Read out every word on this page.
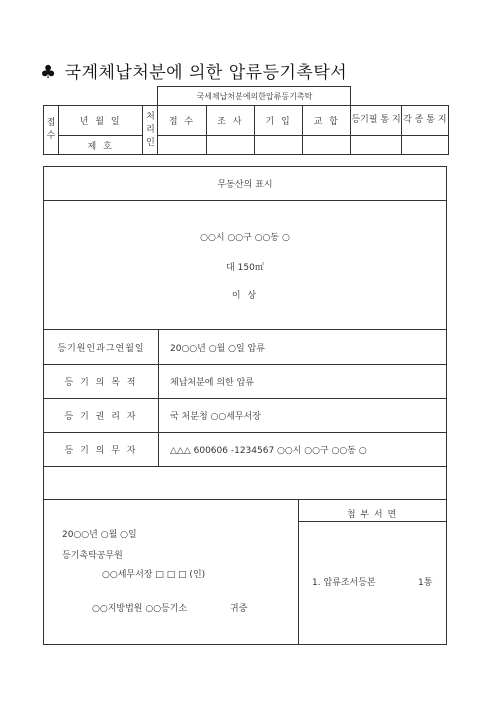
♣ 국계체납처분에 의한 압류등기촉탁서
			국세체납처분에의한압류등기촉탁					
접 수	년 월 일	처 리 인	접 수	조 사	기 입	교 합	등기필 통 지	각 종 통 지
	제 호							
무동산의 표시
○○시 ○○구 ○○동 ○
대 150㎡
이 상
등기원인과그연월일	20○○년 ○월 ○일 압류
등 기 의 목 적	체납처분에 의한 압류
등 기 권 리 자	국 처분청 ○○세무서장
등 기 의 무 자	△△△ 600606 -1234567 ○○시 ○○구 ○○동 ○
20○○년 ○월 ○일
등기촉탁공무원
○○세무서장 □ □ □ (인)
○○지방법원 ○○등기소	귀중
첨 부 서 면
1. 압류조서등본	1통
